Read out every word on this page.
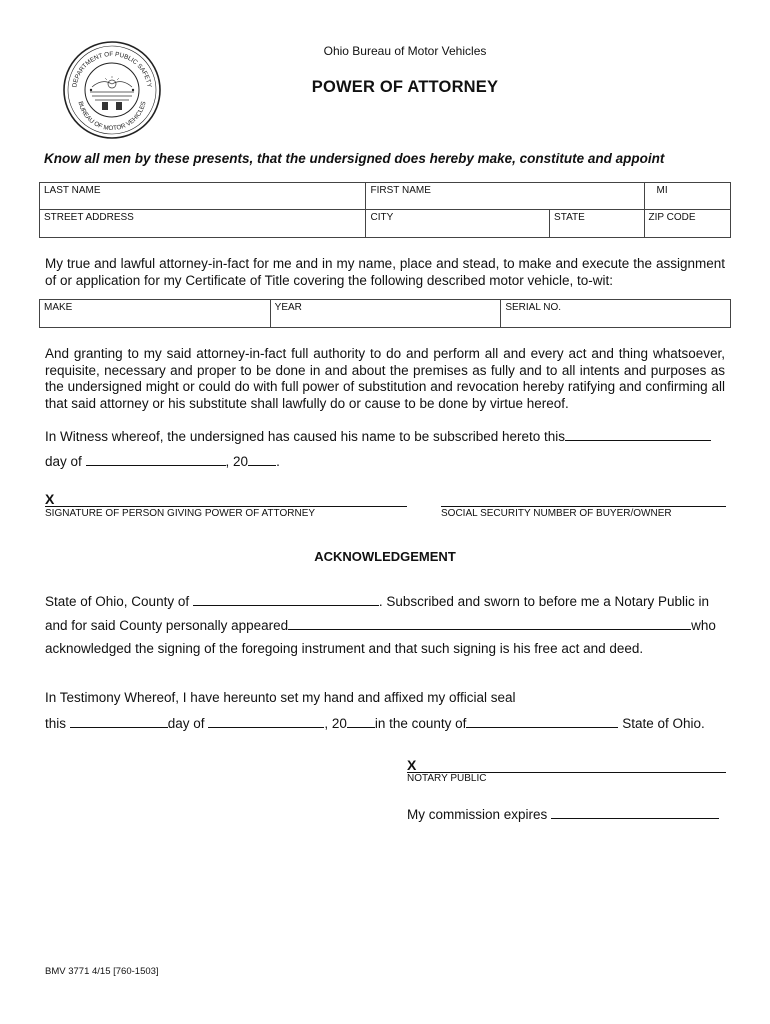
DEPARTMENT OF PUBLIC SAFETY
BUREAU OF MOTOR VEHICLES
Ohio Bureau of Motor Vehicles
POWER OF ATTORNEY
Know all men by these presents, that the undersigned does hereby make, constitute and appoint
LAST NAME	FIRST NAME		MI
STREET ADDRESS	CITY	STATE	ZIP CODE
My true and lawful attorney-in-fact for me and in my name, place and stead, to make and execute the assignment of or application for my Certificate of Title covering the following described motor vehicle, to-wit:
MAKE	YEAR	SERIAL NO.
And granting to my said attorney-in-fact full authority to do and perform all and every act and thing whatsoever, requisite, necessary and proper to be done in and about the premises as fully and to all intents and purposes as the undersigned might or could do with full power of substitution and revocation hereby ratifying and confirming all that said attorney or his substitute shall lawfully do or cause to be done by virtue hereof.
In Witness whereof, the undersigned has caused his name to be subscribed hereto this
day of	, 20 .
X
SIGNATURE OF PERSON GIVING POWER OF ATTORNEY	SOCIAL SECURITY NUMBER OF BUYER/OWNER
ACKNOWLEDGEMENT
State of Ohio, County of	. Subscribed and sworn to before me a Notary Public in
and for said County personally appeared	who
acknowledged the signing of the foregoing instrument and that such signing is his free act and deed.
In Testimony Whereof, I have hereunto set my hand and affixed my official seal
this	day of	, 20 in the county of	State of Ohio.
X
NOTARY PUBLIC
My commission expires
BMV 3771 4/15 [760-1503]
